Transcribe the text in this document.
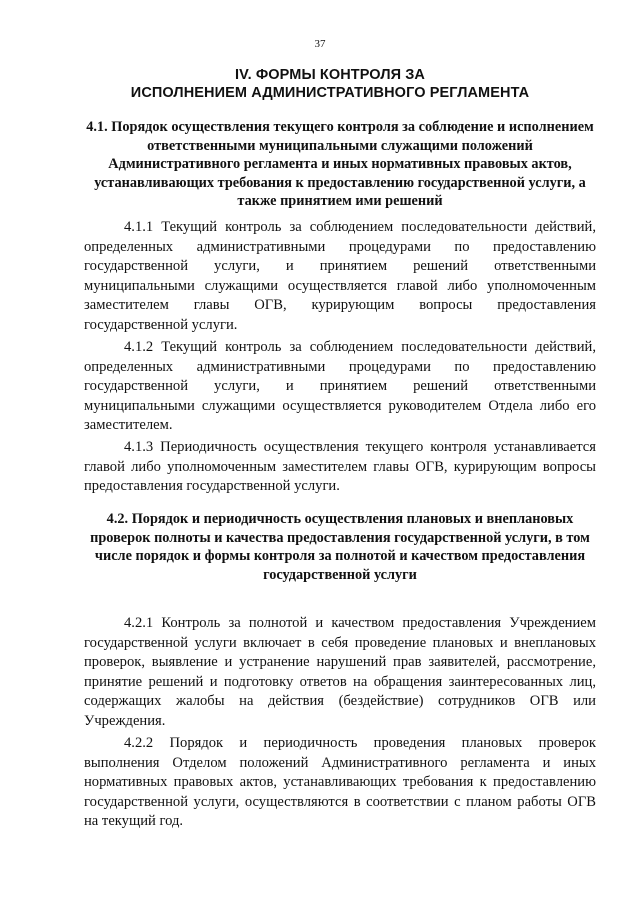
37
IV. ФОРМЫ КОНТРОЛЯ ЗА
ИСПОЛНЕНИЕМ АДМИНИСТРАТИВНОГО РЕГЛАМЕНТА
4.1. Порядок осуществления текущего контроля за соблюдение и исполнением ответственными муниципальными служащими положений Административного регламента и иных нормативных правовых актов, устанавливающих требования к предоставлению государственной услуги, а также принятием ими решений

4.1.1 Текущий контроль за соблюдением последовательности действий, определенных административными процедурами по предоставлению государственной услуги, и принятием решений ответственными муниципальными служащими осуществляется главой либо уполномоченным заместителем главы ОГВ, курирующим вопросы предоставления государственной услуги.

4.1.2 Текущий контроль за соблюдением последовательности действий, определенных административными процедурами по предоставлению государственной услуги, и принятием решений ответственными муниципальными служащими осуществляется руководителем Отдела либо его заместителем.

4.1.3 Периодичность осуществления текущего контроля устанавливается главой либо уполномоченным заместителем главы ОГВ, курирующим вопросы предоставления государственной услуги.

4.2. Порядок и периодичность осуществления плановых и внеплановых проверок полноты и качества предоставления государственной услуги, в том числе порядок и формы контроля за полнотой и качеством предоставления государственной услуги

4.2.1 Контроль за полнотой и качеством предоставления Учреждением государственной услуги включает в себя проведение плановых и внеплановых проверок, выявление и устранение нарушений прав заявителей, рассмотрение, принятие решений и подготовку ответов на обращения заинтересованных лиц, содержащих жалобы на действия (бездействие) сотрудников ОГВ или Учреждения.

4.2.2 Порядок и периодичность проведения плановых проверок выполнения Отделом положений Административного регламента и иных нормативных правовых актов, устанавливающих требования к предоставлению государственной услуги, осуществляются в соответствии с планом работы ОГВ на текущий год.
